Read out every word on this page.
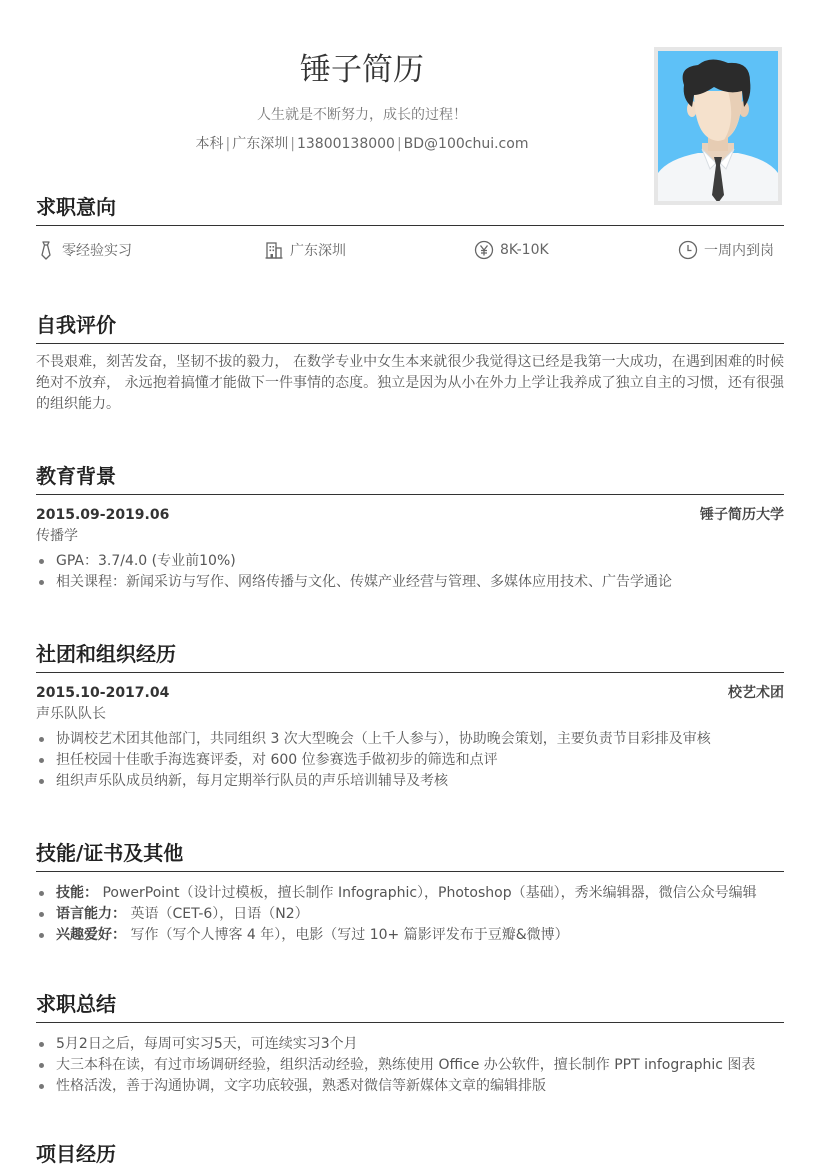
锤子简历
人生就是不断努力，成长的过程！
本科 | 广东深圳 | 13800138000 | BD@100chui.com
求职意向
零经验实习	广东深圳	8K-10K	一周内到岗
自我评价
不畏艰难，刻苦发奋，坚韧不拔的毅力， 在数学专业中女生本来就很少我觉得这已经是我第一大成功，在遇到困难的时候绝对不放弃， 永远抱着搞懂才能做下一件事情的态度。独立是因为从小在外力上学让我养成了独立自主的习惯，还有很强的组织能力。
教育背景
2015.09-2019.06	锤子简历大学
传播学
GPA：3.7/4.0 (专业前10%)
相关课程：新闻采访与写作、网络传播与文化、传媒产业经营与管理、多媒体应用技术、广告学通论
社团和组织经历
2015.10-2017.04	校艺术团
声乐队队长
协调校艺术团其他部门，共同组织 3 次大型晚会（上千人参与），协助晚会策划，主要负责节目彩排及审核
担任校园十佳歌手海选赛评委，对 600 位参赛选手做初步的筛选和点评
组织声乐队成员纳新，每月定期举行队员的声乐培训辅导及考核
技能/证书及其他
技能： PowerPoint（设计过模板，擅长制作 Infographic），Photoshop（基础），秀米编辑器，微信公众号编辑
语言能力： 英语（CET-6），日语（N2）
兴趣爱好： 写作（写个人博客 4 年），电影（写过 10+ 篇影评发布于豆瓣&微博）
求职总结
5月2日之后，每周可实习5天，可连续实习3个月
大三本科在读，有过市场调研经验，组织活动经验，熟练使用 Office 办公软件，擅长制作 PPT infographic 图表
性格活泼，善于沟通协调，文字功底较强，熟悉对微信等新媒体文章的编辑排版
项目经历
